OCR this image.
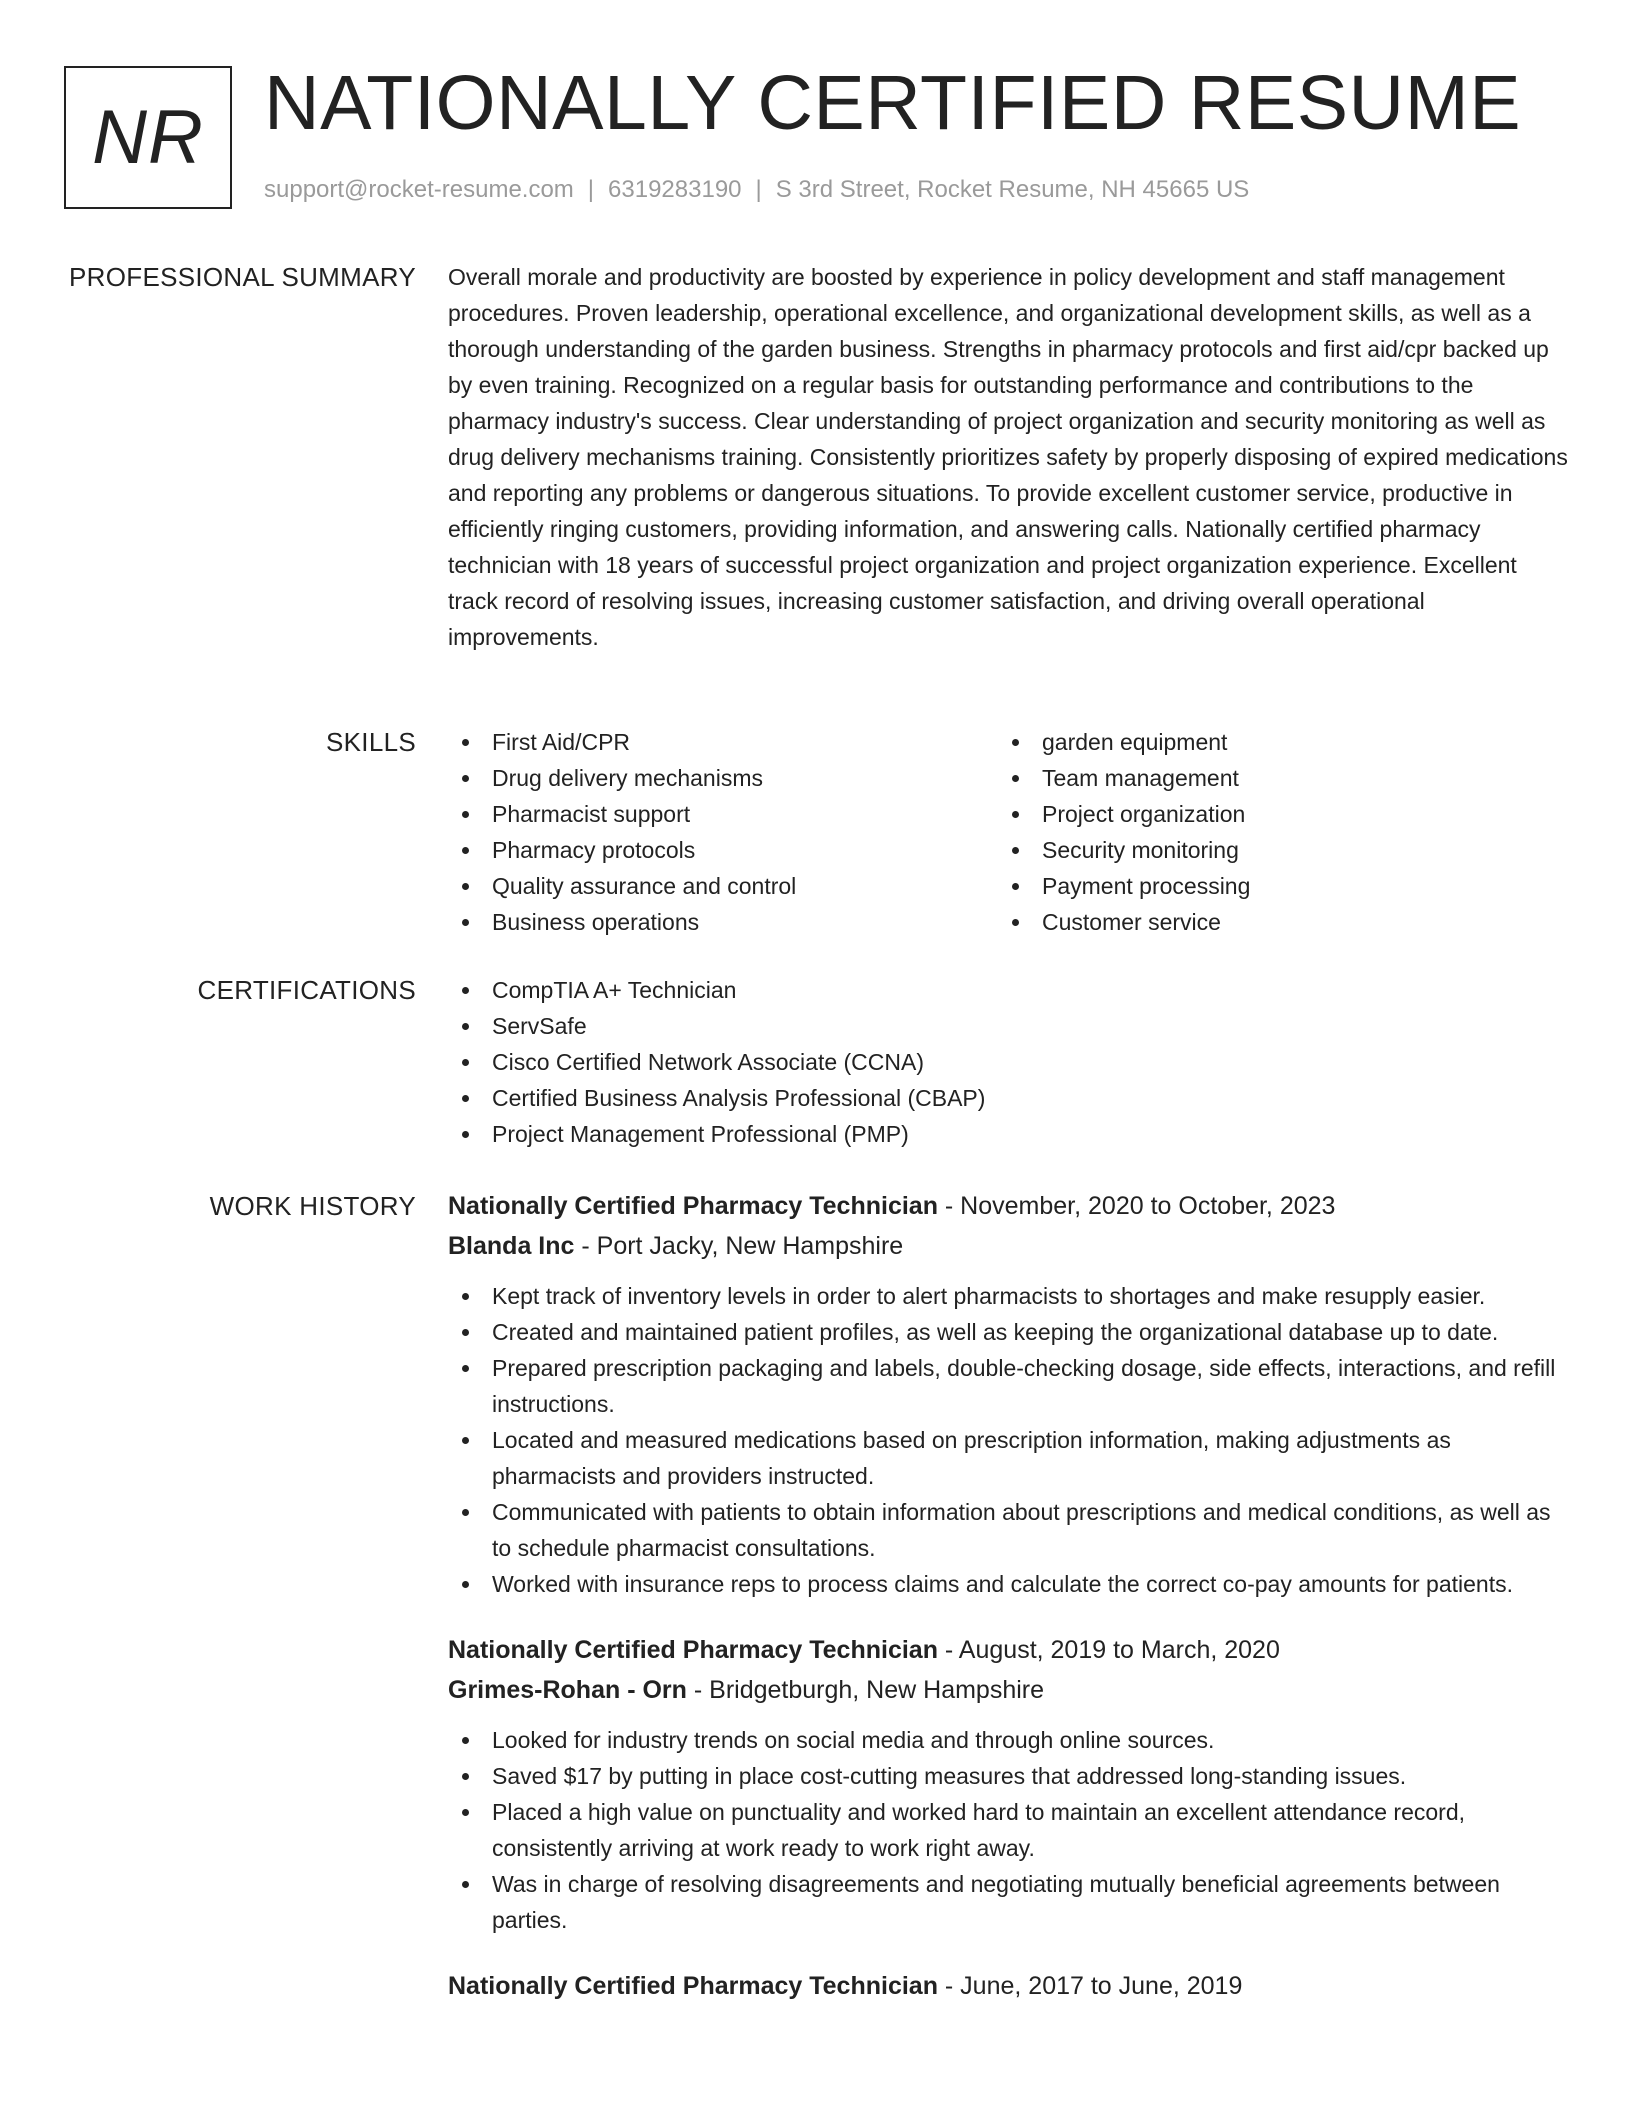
NR NATIONALLY CERTIFIED RESUME
support@rocket-resume.com | 6319283190 | S 3rd Street, Rocket Resume, NH 45665 US
PROFESSIONAL SUMMARY Overall morale and productivity are boosted by experience in policy development and staff management procedures. Proven leadership, operational excellence, and organizational development skills, as well as a thorough understanding of the garden business. Strengths in pharmacy protocols and first aid/cpr backed up by even training. Recognized on a regular basis for outstanding performance and contributions to the pharmacy industry's success. Clear understanding of project organization and security monitoring as well as drug delivery mechanisms training. Consistently prioritizes safety by properly disposing of expired medications and reporting any problems or dangerous situations. To provide excellent customer service, productive in efficiently ringing customers, providing information, and answering calls. Nationally certified pharmacy technician with 18 years of successful project organization and project organization experience. Excellent track record of resolving issues, increasing customer satisfaction, and driving overall operational improvements.
SKILLS	First Aid/CPR
Drug delivery mechanisms
Pharmacist support
Pharmacy protocols
Quality assurance and control
Business operations
garden equipment
Team management
Project organization
Security monitoring
Payment processing
Customer service
CERTIFICATIONS	CompTIA A+ Technician
ServSafe
Cisco Certified Network Associate (CCNA)
Certified Business Analysis Professional (CBAP)
Project Management Professional (PMP)
WORK HISTORY Nationally Certified Pharmacy Technician - November, 2020 to October, 2023
Blanda Inc - Port Jacky, New Hampshire
Kept track of inventory levels in order to alert pharmacists to shortages and make resupply easier.
Created and maintained patient profiles, as well as keeping the organizational database up to date.
Prepared prescription packaging and labels, double-checking dosage, side effects, interactions, and refill instructions.
Located and measured medications based on prescription information, making adjustments as pharmacists and providers instructed.
Communicated with patients to obtain information about prescriptions and medical conditions, as well as to schedule pharmacist consultations.
Worked with insurance reps to process claims and calculate the correct co-pay amounts for patients.
Nationally Certified Pharmacy Technician - August, 2019 to March, 2020
Grimes-Rohan - Orn - Bridgetburgh, New Hampshire
Looked for industry trends on social media and through online sources.
Saved $17 by putting in place cost-cutting measures that addressed long-standing issues.
Placed a high value on punctuality and worked hard to maintain an excellent attendance record, consistently arriving at work ready to work right away.
Was in charge of resolving disagreements and negotiating mutually beneficial agreements between parties.
Nationally Certified Pharmacy Technician - June, 2017 to June, 2019
